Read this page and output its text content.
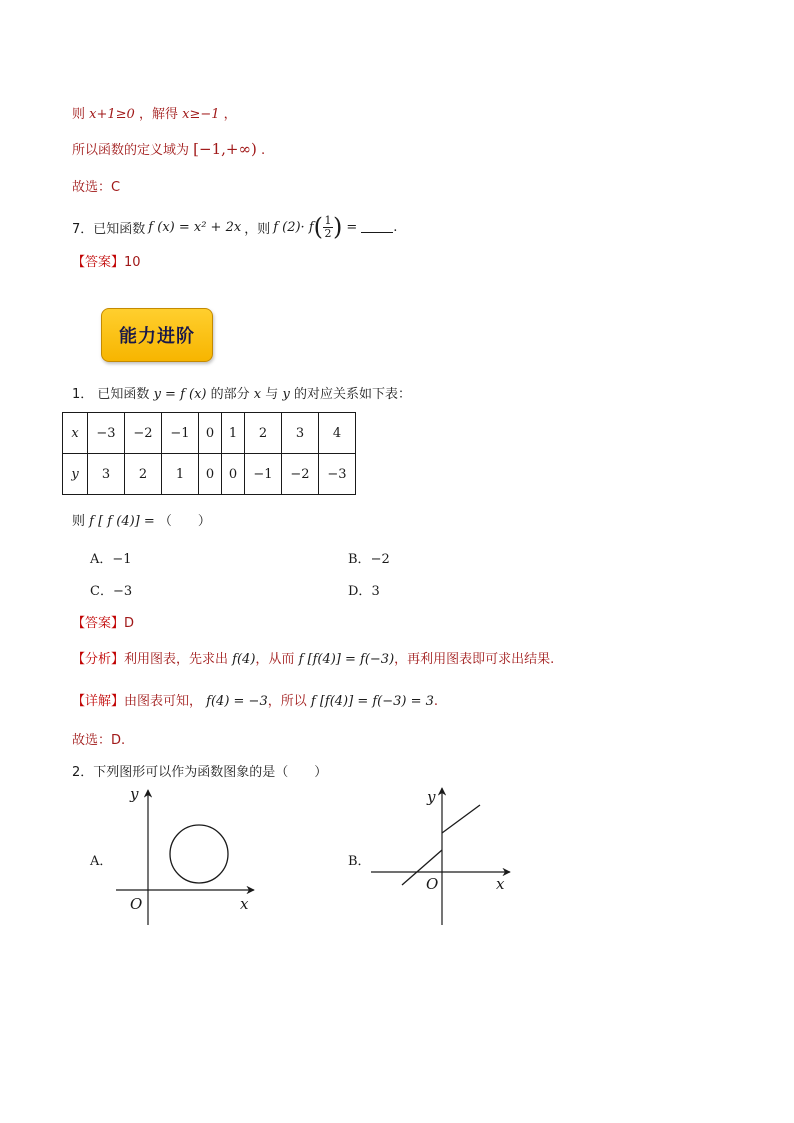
则 x+1≥0 ，解得 x≥−1 ，
所以函数的定义域为 [−1,+∞) .
故选：C
7． 已知函数 f (x) = x² + 2x ，则 f (2)· f ( $\frac{1}{2}$ ) =	.
【答案】10
能力进阶
1． 已知函数 y = f (x) 的部分 x 与 y 的对应关系如下表：
x	−3	−2	−1	0	1	2	3	4
y	3	2	1	0	0	−1	−2	−3
则 f [ f (4)] = （　　）
A．−1	B．−2
C．−3	D．3
【答案】D
【分析】利用图表，先求出 f(4)，从而 f [f(4)] = f(−3)，再利用图表即可求出结果.
【详解】由图表可知， f(4) = −3，所以 f [f(4)] = f(−3) = 3.
故选：D.
2．下列图形可以作为函数图象的是（　　）
A．
y
x
O
B．
y
x
O
